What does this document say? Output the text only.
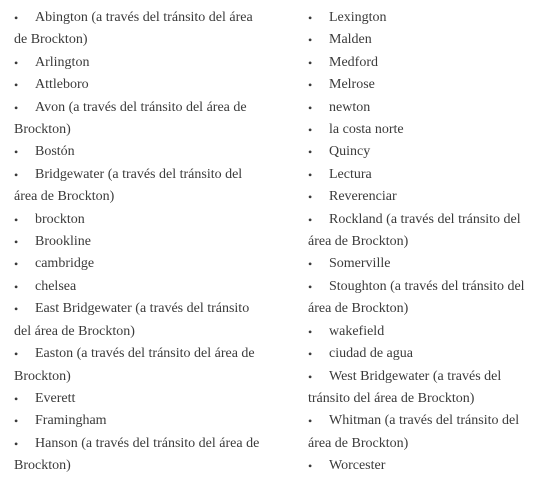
•	Abington (a través del tránsito del área de Brockton)
•	Arlington
•	Attleboro
•	Avon (a través del tránsito del área de Brockton)
•	Bostón
•	Bridgewater (a través del tránsito del área de Brockton)
•	brockton
•	Brookline
•	cambridge
•	chelsea
•	East Bridgewater (a través del tránsito del área de Brockton)
•	Easton (a través del tránsito del área de Brockton)
•	Everett
•	Framingham
•	Hanson (a través del tránsito del área de Brockton)
•	Lexington
•	Malden
•	Medford
•	Melrose
•	newton
•	la costa norte
•	Quincy
•	Lectura
•	Reverenciar
•	Rockland (a través del tránsito del área de Brockton)
•	Somerville
•	Stoughton (a través del tránsito del área de Brockton)
•	wakefield
•	ciudad de agua
•	West Bridgewater (a través del tránsito del área de Brockton)
•	Whitman (a través del tránsito del área de Brockton)
•	Worcester
